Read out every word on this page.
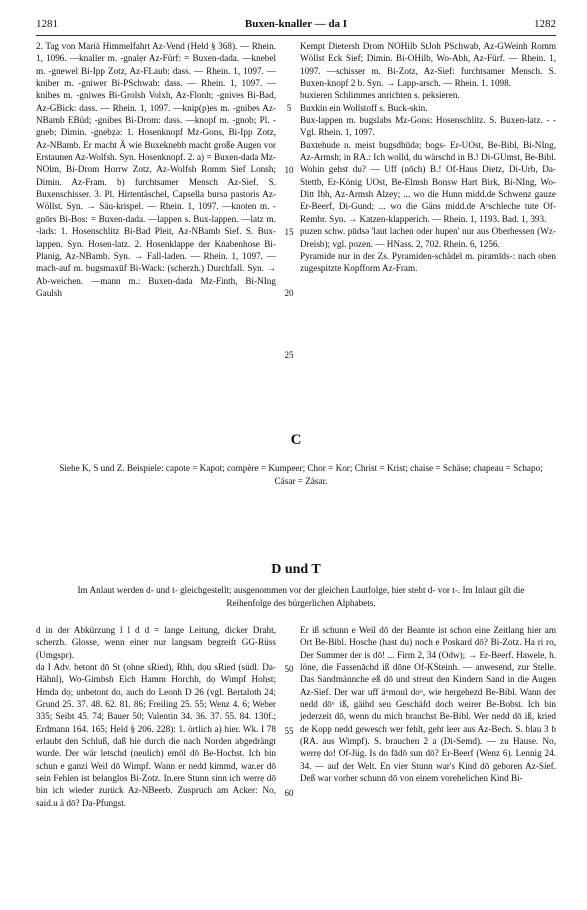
1281	Buxen-knaller — da I	1282

2. Tag von Mariä Himmelfahrt Az-Vend (Held § 368). — Rhein. 1, 1096. —knaller m. -gnalẹr Az-Fürf: = Buxen-dada. —knebel m. -gnewel Bi-Ipp Zotz, Az-FLaub: dass. — Rhein. 1, 1097. —kniber m. -gniwer Bi-PSchwab: dass. — Rhein. 1, 1097. —knibes m. -gniwes Bi-Grolsh Volxh, Az-Flonh; -gnives Bi-Bad, Az-GBick: dass. — Rhein. 1, 1097. —knip(p)es m. -gnibes Az-NBamb EBüd; -gnibes Bi-Drom: dass. —knopf m. -gnob; Pl. -gneb; Dimin. -gnebẓə: 1. Hosenknopf Mz-Gons, Bi-Ipp Zotz, Az-NBamb. Er macht Ä wie Buxeknebb macht große Augen vor Erstaunen Az-Wolfsh. Syn. Hosenknopf. 2. a) = Buxen-dada Mz-NOlm, Bi-Drom Horrw Zotz, Az-Wolfsh Romm Sief Lonsh; Dimin. Az-Fram. b) furchtsamer Mensch Az-Sief. S. Buxenschisser. 3. Pl. Hirtentäschel, Capsella bursa pastoris Az-Wöllst. Syn. → Säu-krispel. — Rhein. 1, 1097. —knoten m. -gnōrs Bi-Bos: = Buxen-dada. —lappen s. Bux-lappen. —latz m. -lads: 1. Hosenschlitz Bi-Bad Pleit, Az-NBamb Sief. S. Bux-lappen. Syn. Hosen-latz. 2. Hosenklappe der Knabenhose Bi-Planig, Az-NBamb. Syn. → Fall-laden. — Rhein. 1, 1097. —mach-auf m. bugsmaxūf Bi-Wack: (scherzh.) Durchfall. Syn. → Ab-weichen. —mann m.: Buxen-dada Mz-Finth, Bi-NIng Gaulsh

5
10
15
20
25

Kempt Dietersh Drom NOHilb StJoh PSchwab, Az-GWeinh Romm Wöllst Eck Sief; Dimin. Bi-OHilb, Wo-Abh, Az-Fürf. — Rhein. 1, 1097. —schisser m. Bi-Zotz, Az-Sief: furchtsamer Mensch. S. Buxen-knopf 2 b. Syn. → Lapp-arsch. — Rhein. 1. 1098.

buxieren Schlimmes anrichten s. peksieren.

Buxkin ein Wollstoff s. Buck-skin.

Bux-lappen m. bugslabs Mz-Gons: Hosenschlitz. S. Buxen-latz. - - Vgl. Rhein. 1, 1097.

Buxtehude n. meist bugsdhūdə; bogs- Er-UOst, Be-Bibl, Bi-NIng, Az-Armsh; in RA.: Ich wolld, du wärschd in B.! Di-GUmst, Be-Bibl. Wohin gehst du? — Uff (nōch) B.! Of-Haus Dietz, Di-Urb, Da-Stettb, Er-König UOst, Be-Elmsh Bonsw Hart Birk, Bi-NIng, Wo-Ditt Ibh, Az-Armsh Alzey; ... wo die Hunn midd.de Schwenz gauze Er-Beerf, Di-Gund; ... wo die Gäns midd.de Aᵒschleche tute Of-Rembr. Syn. → Katzen-klapperich. — Rhein. 1, 1193. Bad. 1, 393.

puzen schw. pūdsə 'laut lachen oder hupen' nur aus Oberhessen (Wz-Dreisb); vgl. pozen. — HNass. 2, 702. Rhein. 6, 1256.

Pyramide nur in der Zs. Pyramiden-schädel m. piramīds-: nach oben zugespitzte Kopfform Az-Fram.

C
Siehe K, S und Z. Beispiele: capote = Kapot; compère = Kumpeer; Chor = Kor; Christ = Krist; chaise = Schäse; chapeau = Schapo; Cäsar = Zäsar.
D und T
Im Anlaut werden d- und t- gleichgestellt; ausgenommen vor der gleichen Lautfolge, hier steht d- vor t-. Im Inlaut gilt die Reihenfolge des bürgerlichen Alphabets.

d in der Abkürzung l l d d = lange Leitung, dicker Draht, scherzh. Glosse, wenn einer nur langsam begreift GG-Rüss (Umgspr).

da I Adv. betont dō St (ohne sRied), Rhh, dọu sRied (südl. Da-Hähnl), Wo-Gimbsh Eich Hamm Horchh, dọ Wimpf Hohst; Hmda dọ; unbetont do, auch do Leonh D 26 (vgl. Bertaloth 24; Grund 25. 37. 48. 62. 81. 86; Freiling 25. 55; Wenz 4. 6; Weber 335; Seibt 45. 74; Bauer 50; Valentin 34. 36. 37. 55. 84. 130f.; Erdmann 164. 165; Held § 206. 228): 1. örtlich a) hier. Wk. I 78 erlaubt den Schluß, daß hie durch die nach Norden abgedrängt wurde. Der wär letschd (neulich) emōl dō Be-Hochst. Ich bin schun e ganzi Weil dō Wimpf. Wann er nedd kimmd, war.er dō sein Fehlen ist belanglos Bi-Zotz. In.ere Stunn sinn ich werrẹ dō bin ich wieder zurück Az-NBeerb. Zuspruch am Acker: No, said.u ä dō? Da-Pfungst.

50
55
60

Er iß schunn e Weil dō der Beamte ist schon eine Zeitlang hier am Ort Be-Bibl. Hosche (hast du) noch e Poskard dō? Bi-Zotz. Ha ri ro, Der Summer der is dō! ... Firm 2, 34 (Odw); → Er-Beerf. Hawele, h. löne, die Fassenāchd iß dōne Of-KSteinh. — anwesend, zur Stelle. Das Sandmännche eß dō und streut den Kindern Sand in die Augen Az-Sief. Der war uff äᵘmoul doᵘ, wie hergehezd Be-Bibl. Wann der nedd dōᵘ iß, gäihd seu Geschäfd doch weirer Be-Bobst. Ich bin jederzeit dō, wenn du mich brauchst Be-Bibl. Wer nedd dō iß, kried de Kopp nedd gewesch wer fehlt, geht leer aus Az-Bech. S. blau 3 b (RA. aus Wimpf). S. brauchen 2 a (Di-Semd). — zu Hause. No, werrẹ do! Of-Jüg. Is do fādō sun dō? Er-Beerf (Wenz 6). Lennig 24. 34. — auf der Welt. En vier Stunn war's Kind dō geboren Az-Sief. Deß war vorher schunn dō von einem vorehelichen Kind Bi-
